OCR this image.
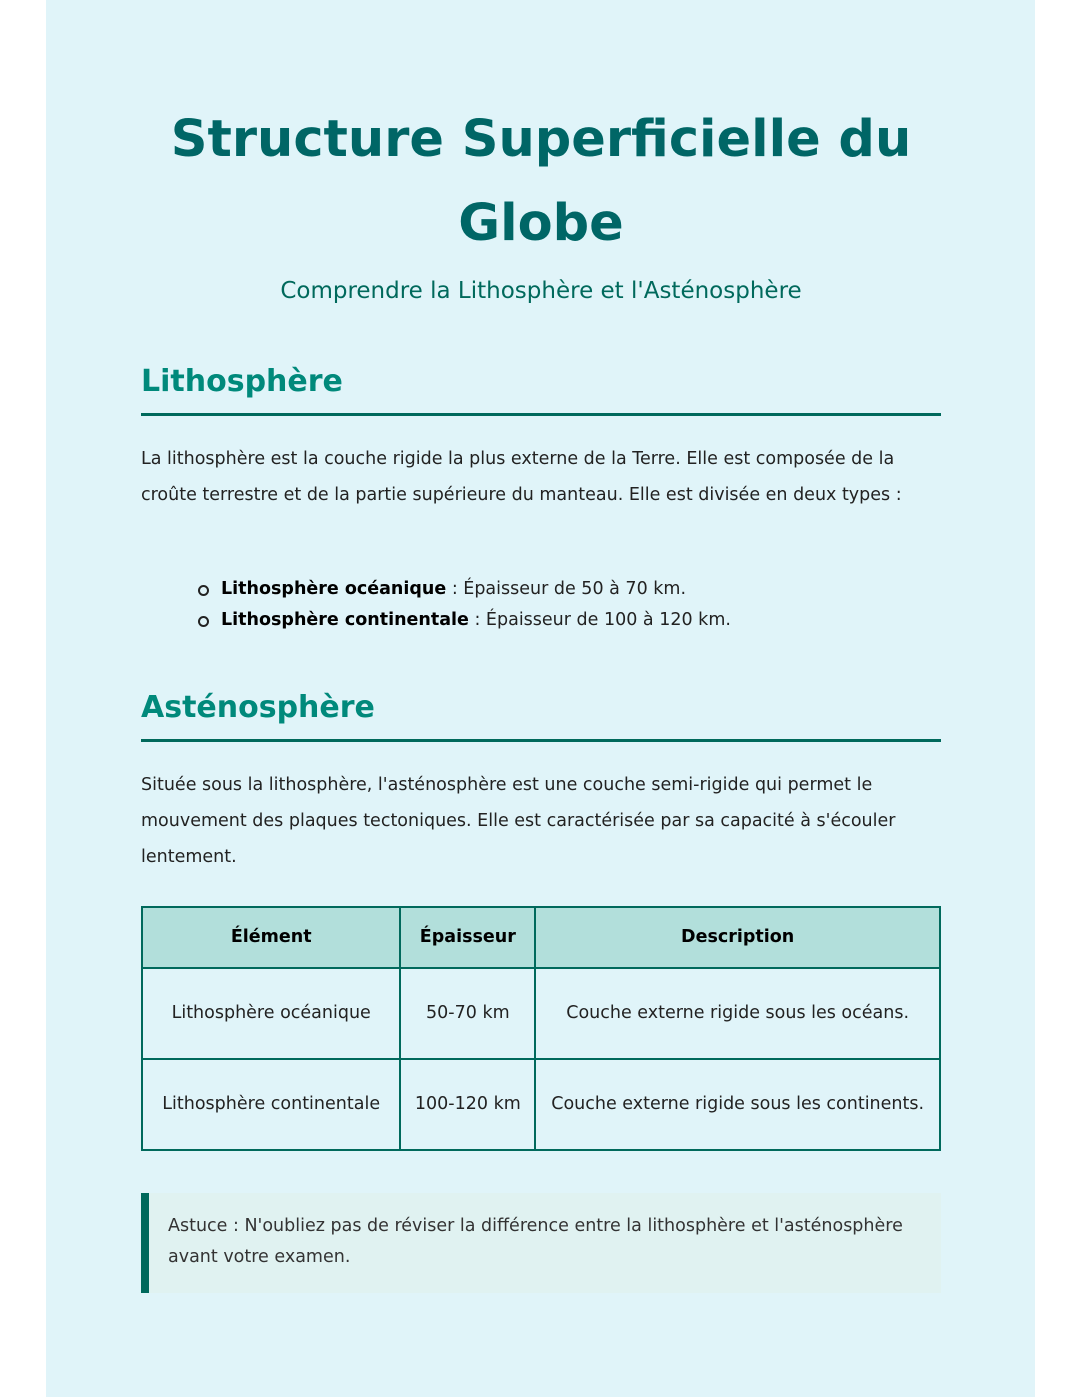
Structure Superficielle du Globe
Comprendre la Lithosphère et l'Asténosphère
Lithosphère

La lithosphère est la couche rigide la plus externe de la Terre. Elle est composée de la croûte terrestre et de la partie supérieure du manteau. Elle est divisée en deux types :

Lithosphère océanique : Épaisseur de 50 à 70 km.
Lithosphère continentale : Épaisseur de 100 à 120 km.
Asténosphère

Située sous la lithosphère, l'asténosphère est une couche semi-rigide qui permet le mouvement des plaques tectoniques. Elle est caractérisée par sa capacité à s'écouler lentement.

Élément	Épaisseur	Description
Lithosphère océanique	50-70 km	Couche externe rigide sous les océans.
Lithosphère continentale	100-120 km	Couche externe rigide sous les continents.

Astuce : N'oubliez pas de réviser la différence entre la lithosphère et l'asténosphère avant votre examen.
